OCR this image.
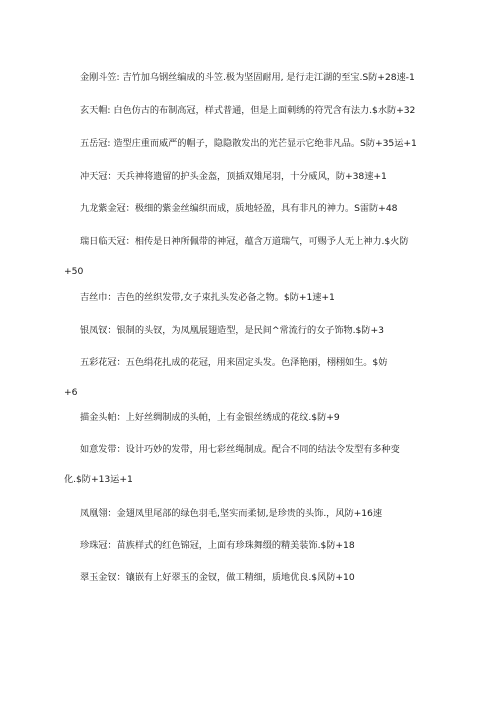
金刚斗笠: 吉竹加乌钢丝编成的斗笠.极为坚固耐用, 是行走江湖的至宝.S防+28速-1
玄天帽: 白色仿古的布制高冠，样式普通，但是上面刺绣的符咒含有法力.$水防+32
五岳冠: 造型庄重而威严的帽子，隐隐散发出的光芒显示它绝非凡品。S防+35运+1
冲天冠：天兵神将遗留的护头金盔，顶插双雉尾羽，十分威风，防+38速+1
九龙紫金冠：极细的紫金丝编织而成，质地轻盈，具有非凡的神力。S雷防+48
瑞日临天冠：相传是日神所佩带的神冠，蕴含万道瑞气，可赐予人无上神力.$火防
+50
吉丝巾：吉色的丝织发带,女子束扎头发必备之物。$防+1速+1
银凤钗：银制的头钗，为凤凰展翅造型，是民间^常流行的女子饰物.$防+3
五彩花冠：五色绢花扎成的花冠，用来固定头发。色泽艳丽，栩栩如生。$妨
+6
描金头帕：上好丝绸制成的头帕，上有金银丝绣成的花纹.$防+9
如意发带：设计巧妙的发带，用七彩丝绳制成。配合不同的结法令发型有多种变
化.$防+13运+1
凤凰翎：金翅凤里尾部的绿色羽毛,坚实而柔韧,是珍贵的头饰.，风防+16速
珍珠冠：苗族样式的红色锦冠，上面有珍珠舞缀的精美装饰.$防+18
翠玉金钗：镶嵌有上好翠玉的金钗，做工精细，质地优良.$风防+10
